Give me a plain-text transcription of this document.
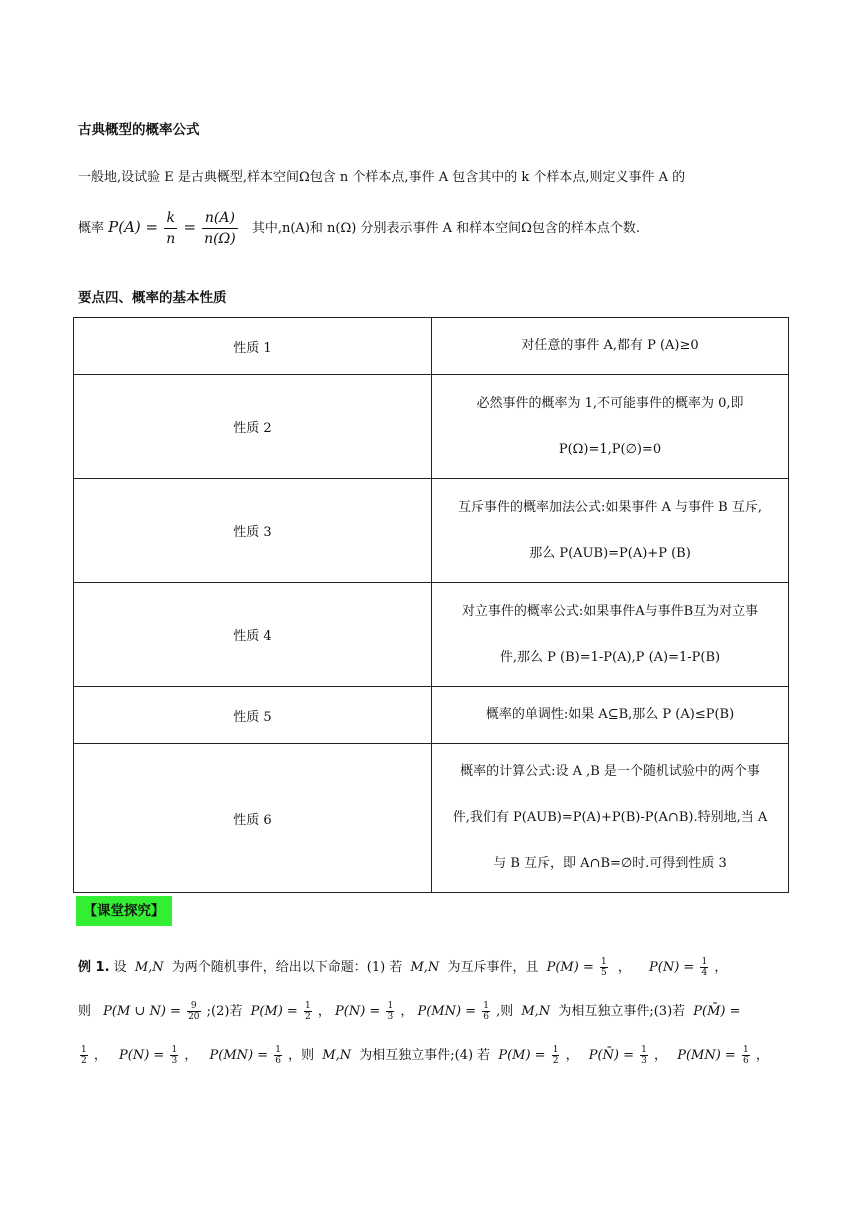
古典概型的概率公式
一般地,设试验 E 是古典概型,样本空间Ω包含 n 个样本点,事件 A 包含其中的 k 个样本点,则定义事件 A 的
概率 $P(A) = \frac{k}{n} = \frac{n(A)}{n(\Omega)}$ 其中,n(A)和 n(Ω) 分别表示事件 A 和样本空间Ω包含的样本点个数.
要点四、概率的基本性质
性质 1	对任意的事件 A,都有 P (A)≥0

性质 2	必然事件的概率为 1,不可能事件的概率为 0,即
P(Ω)=1,P(∅)=0

性质 3	互斥事件的概率加法公式:如果事件 A 与事件 B 互斥,
那么 P(AUB)=P(A)+P (B)

性质 4	对立事件的概率公式:如果事件A与事件B互为对立事
件,那么 P (B)=1-P(A),P (A)=1-P(B)

性质 5	概率的单调性:如果 A⊆B,那么 P (A)≤P(B)

性质 6	概率的计算公式:设 A ,B 是一个随机试验中的两个事
件,我们有 P(AUB)=P(A)+P(B)-P(A∩B).特别地,当 A
与 B 互斥，即 A∩B=∅时.可得到性质 3
【课堂探究】
例 1. 设 M,N 为两个随机事件，给出以下命题：(1) 若 M,N 为互斥事件，且 $P(M) = \frac{1}{5}$ ， $P(N) = \frac{1}{4}$ ，
则 P(M ∪ $N) = \frac{9}{20}$ ;(2)若 $P(M) = \frac{1}{2}$ ， $P(N) = \frac{1}{3}$ ， $P(MN) = \frac{1}{6}$ ,则 M,N 为相互独立事件;(3)若 P(M̄) =
$\frac{1}{2}$ ， $P(N) = \frac{1}{3}$ ， $P(MN) = \frac{1}{6}$ ，则 M,N 为相互独立事件;(4) 若 $P(M) = \frac{1}{2}$ ， P(N̄) = $\frac{1}{3}$ ， $P(MN) = \frac{1}{6}$ ，
